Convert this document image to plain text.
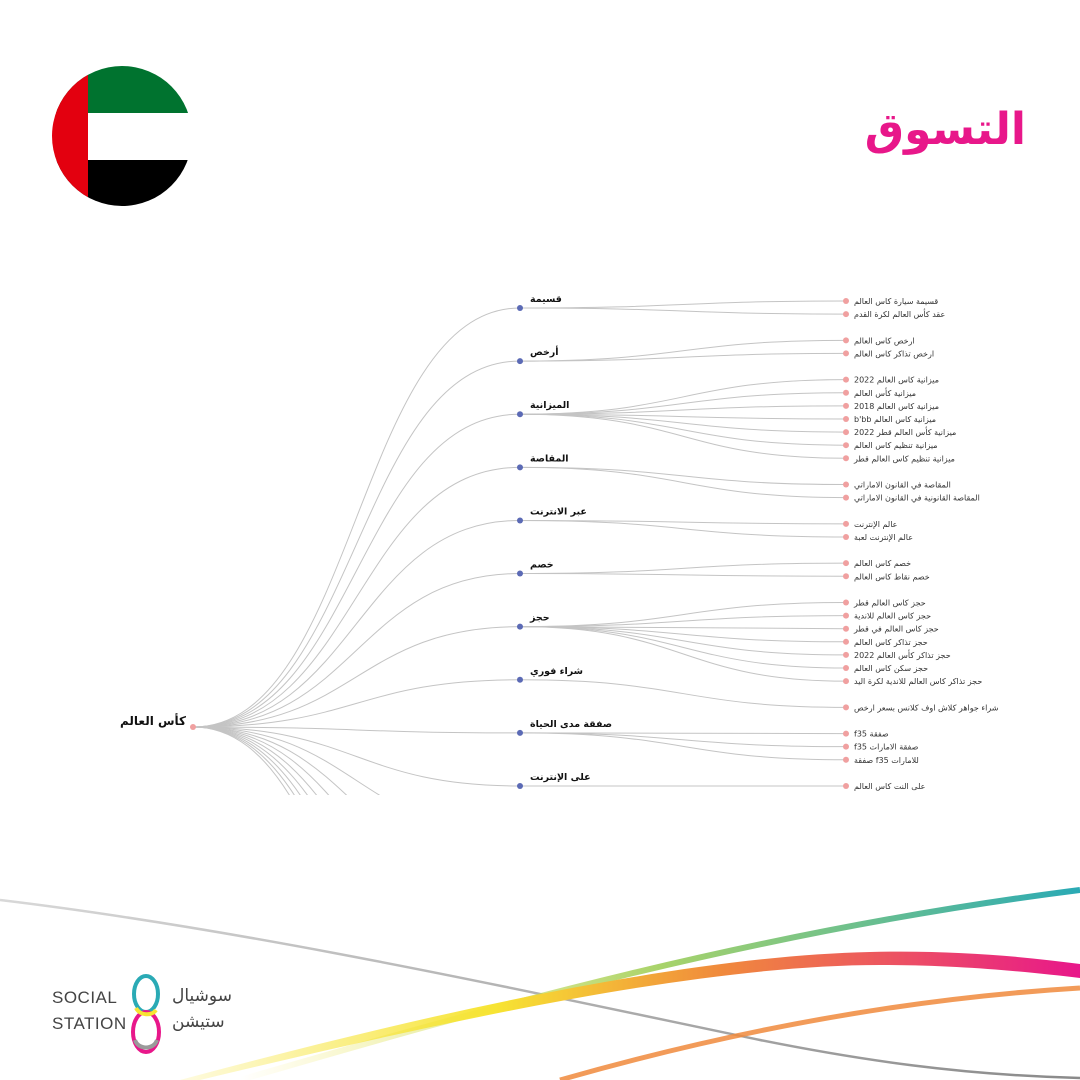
التسوق
كأس العالم
قسيمة	قسيمة سيارة كاس العالم
عقد كأس العالم لكرة القدم
أرخص
ارخص كاس العالم
ارخص تذاكر كاس العالم
الميزانية
ميزانية كاس العالم 2022
ميزانية كأس العالم
ميزانية كاس العالم 2018
ميزانية كاس العالم b'bb
ميزانية كأس العالم قطر 2022
ميزانية تنظيم كاس العالم
ميزانية تنظيم كاس العالم قطر
المقاصة
المقاصة في القانون الاماراتي
المقاصة القانونية في القانون الاماراتي
عبر الانترنت
عالم الإنترنت
عالم الإنترنت لعبة
خصم	خصم كاس العالم
خصم نقاط كاس العالم
حجز
حجز كاس العالم قطر
حجز كاس العالم للاندية
حجز كاس العالم في قطر
حجز تذاكر كاس العالم
حجز تذاكر كأس العالم 2022
حجز سكن كاس العالم
حجز تذاكر كاس العالم للاندية لكرة اليد
شراء فوري
شراء جواهر كلاش اوف كلانس بسعر ارخص
صفقة مدى الحياة
صفقة f35
صفقة الامارات f35
للامارات f35 صفقة
على الإنترنت
على النت كاس العالم
SOCIAL
STATION
سوشيال
ستيشن
